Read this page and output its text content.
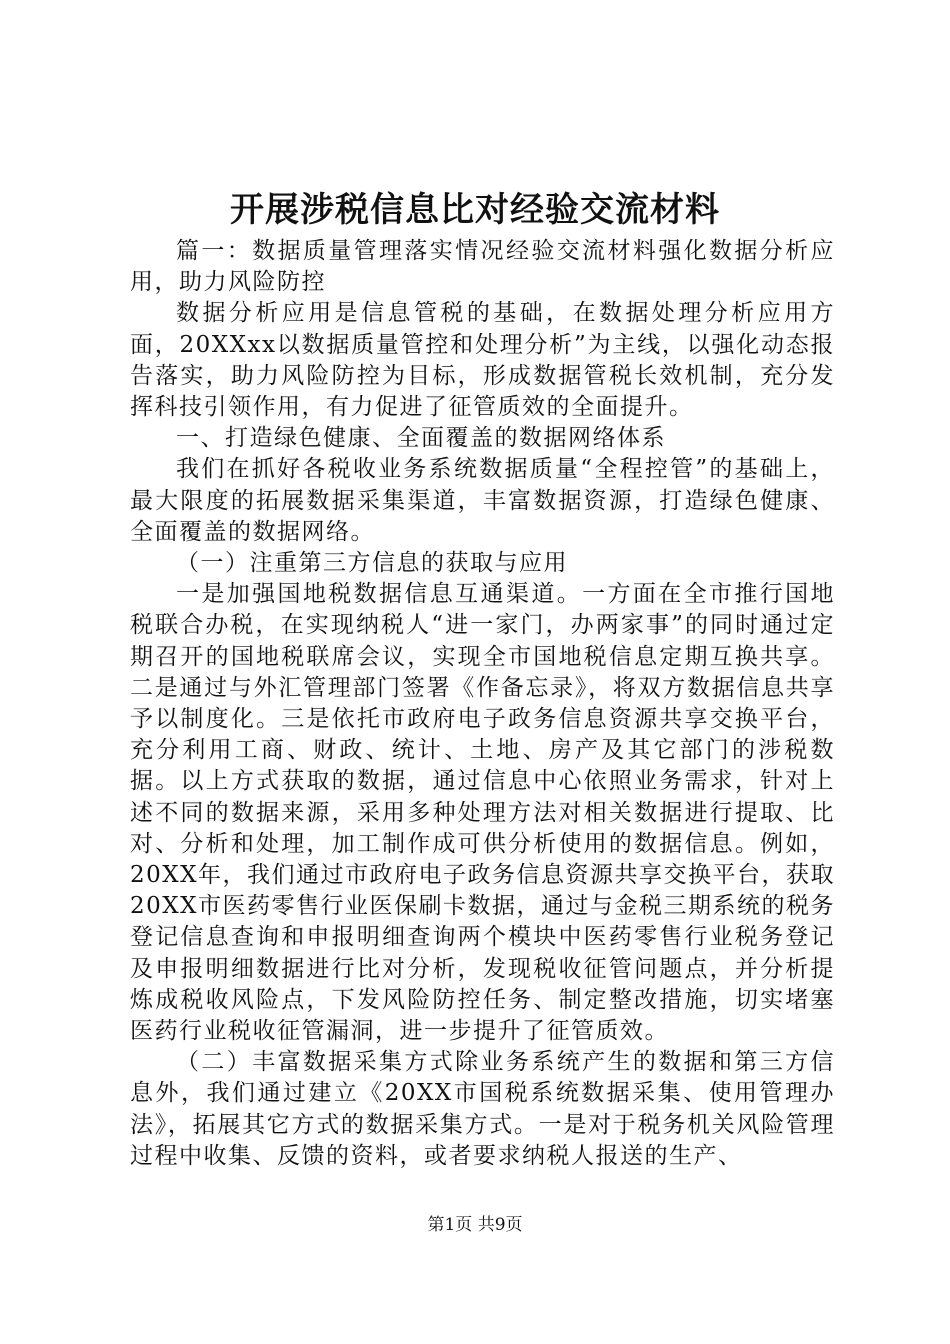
开展涉税信息比对经验交流材料

篇一：数据质量管理落实情况经验交流材料强化数据分析应用，助力风险防控

数据分析应用是信息管税的基础，在数据处理分析应用方面，20XXxx以数据质量管控和处理分析”为主线，以强化动态报告落实，助力风险防控为目标，形成数据管税长效机制，充分发挥科技引领作用，有力促进了征管质效的全面提升。

一、打造绿色健康、全面覆盖的数据网络体系

我们在抓好各税收业务系统数据质量“全程控管”的基础上，最大限度的拓展数据采集渠道，丰富数据资源，打造绿色健康、全面覆盖的数据网络。

（一）注重第三方信息的获取与应用

一是加强国地税数据信息互通渠道。一方面在全市推行国地税联合办税，在实现纳税人“进一家门，办两家事”的同时通过定期召开的国地税联席会议，实现全市国地税信息定期互换共享。二是通过与外汇管理部门签署《作备忘录》，将双方数据信息共享予以制度化。三是依托市政府电子政务信息资源共享交换平台，充分利用工商、财政、统计、土地、房产及其它部门的涉税数据。以上方式获取的数据，通过信息中心依照业务需求，针对上述不同的数据来源，采用多种处理方法对相关数据进行提取、比对、分析和处理，加工制作成可供分析使用的数据信息。例如，20XX年，我们通过市政府电子政务信息资源共享交换平台，获取20XX市医药零售行业医保刷卡数据，通过与金税三期系统的税务登记信息查询和申报明细查询两个模块中医药零售行业税务登记及申报明细数据进行比对分析，发现税收征管问题点，并分析提炼成税收风险点，下发风险防控任务、制定整改措施，切实堵塞医药行业税收征管漏洞，进一步提升了征管质效。

（二）丰富数据采集方式除业务系统产生的数据和第三方信息外，我们通过建立《20XX市国税系统数据采集、使用管理办法》，拓展其它方式的数据采集方式。一是对于税务机关风险管理过程中收集、反馈的资料，或者要求纳税人报送的生产、

第1页 共9页
